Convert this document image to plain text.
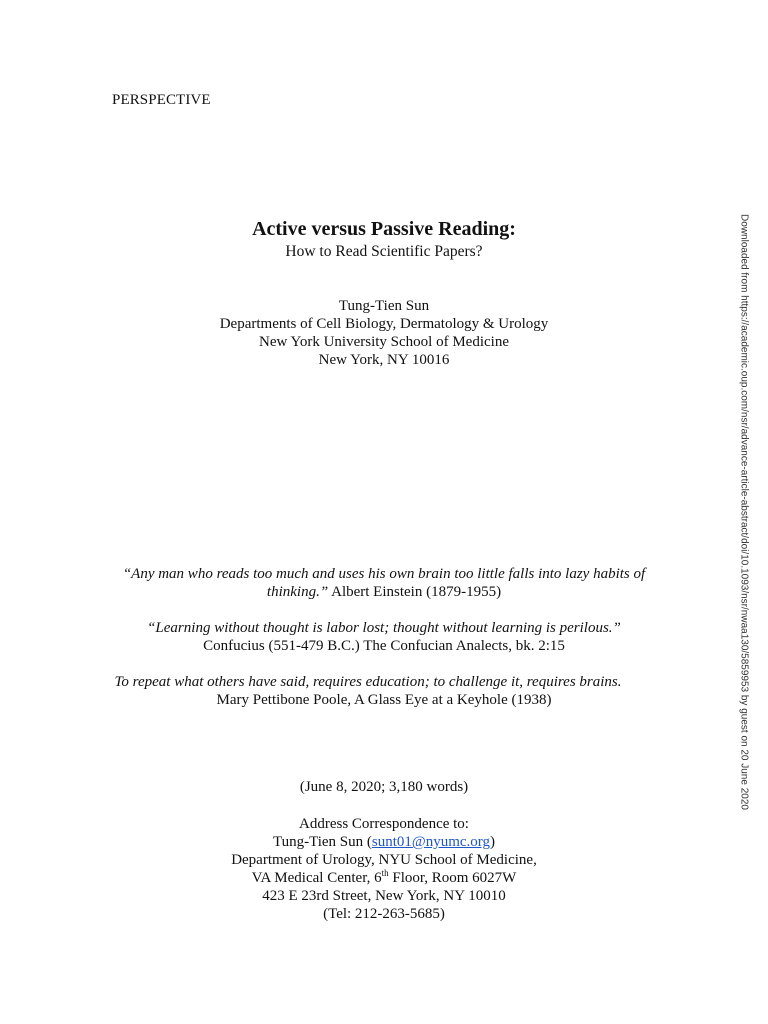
PERSPECTIVE
Active versus Passive Reading:
How to Read Scientific Papers?
Tung-Tien Sun
Departments of Cell Biology, Dermatology & Urology
New York University School of Medicine
New York, NY 10016
“Any man who reads too much and uses his own brain too little falls into lazy habits of
thinking.” Albert Einstein (1879-1955)
“Learning without thought is labor lost; thought without learning is perilous.”
Confucius (551-479 B.C.) The Confucian Analects, bk. 2:15
To repeat what others have said, requires education; to challenge it, requires brains.
Mary Pettibone Poole, A Glass Eye at a Keyhole (1938)
(June 8, 2020; 3,180 words)
Address Correspondence to:
Tung-Tien Sun (sunt01@nyumc.org)
Department of Urology, NYU School of Medicine,
VA Medical Center, 6th Floor, Room 6027W
423 E 23rd Street, New York, NY 10010
(Tel: 212-263-5685)
Downloaded from https://academic.oup.com/nsr/advance-article-abstract/doi/10.1093/nsr/nwaa130/5859953 by guest on 20 June 2020
